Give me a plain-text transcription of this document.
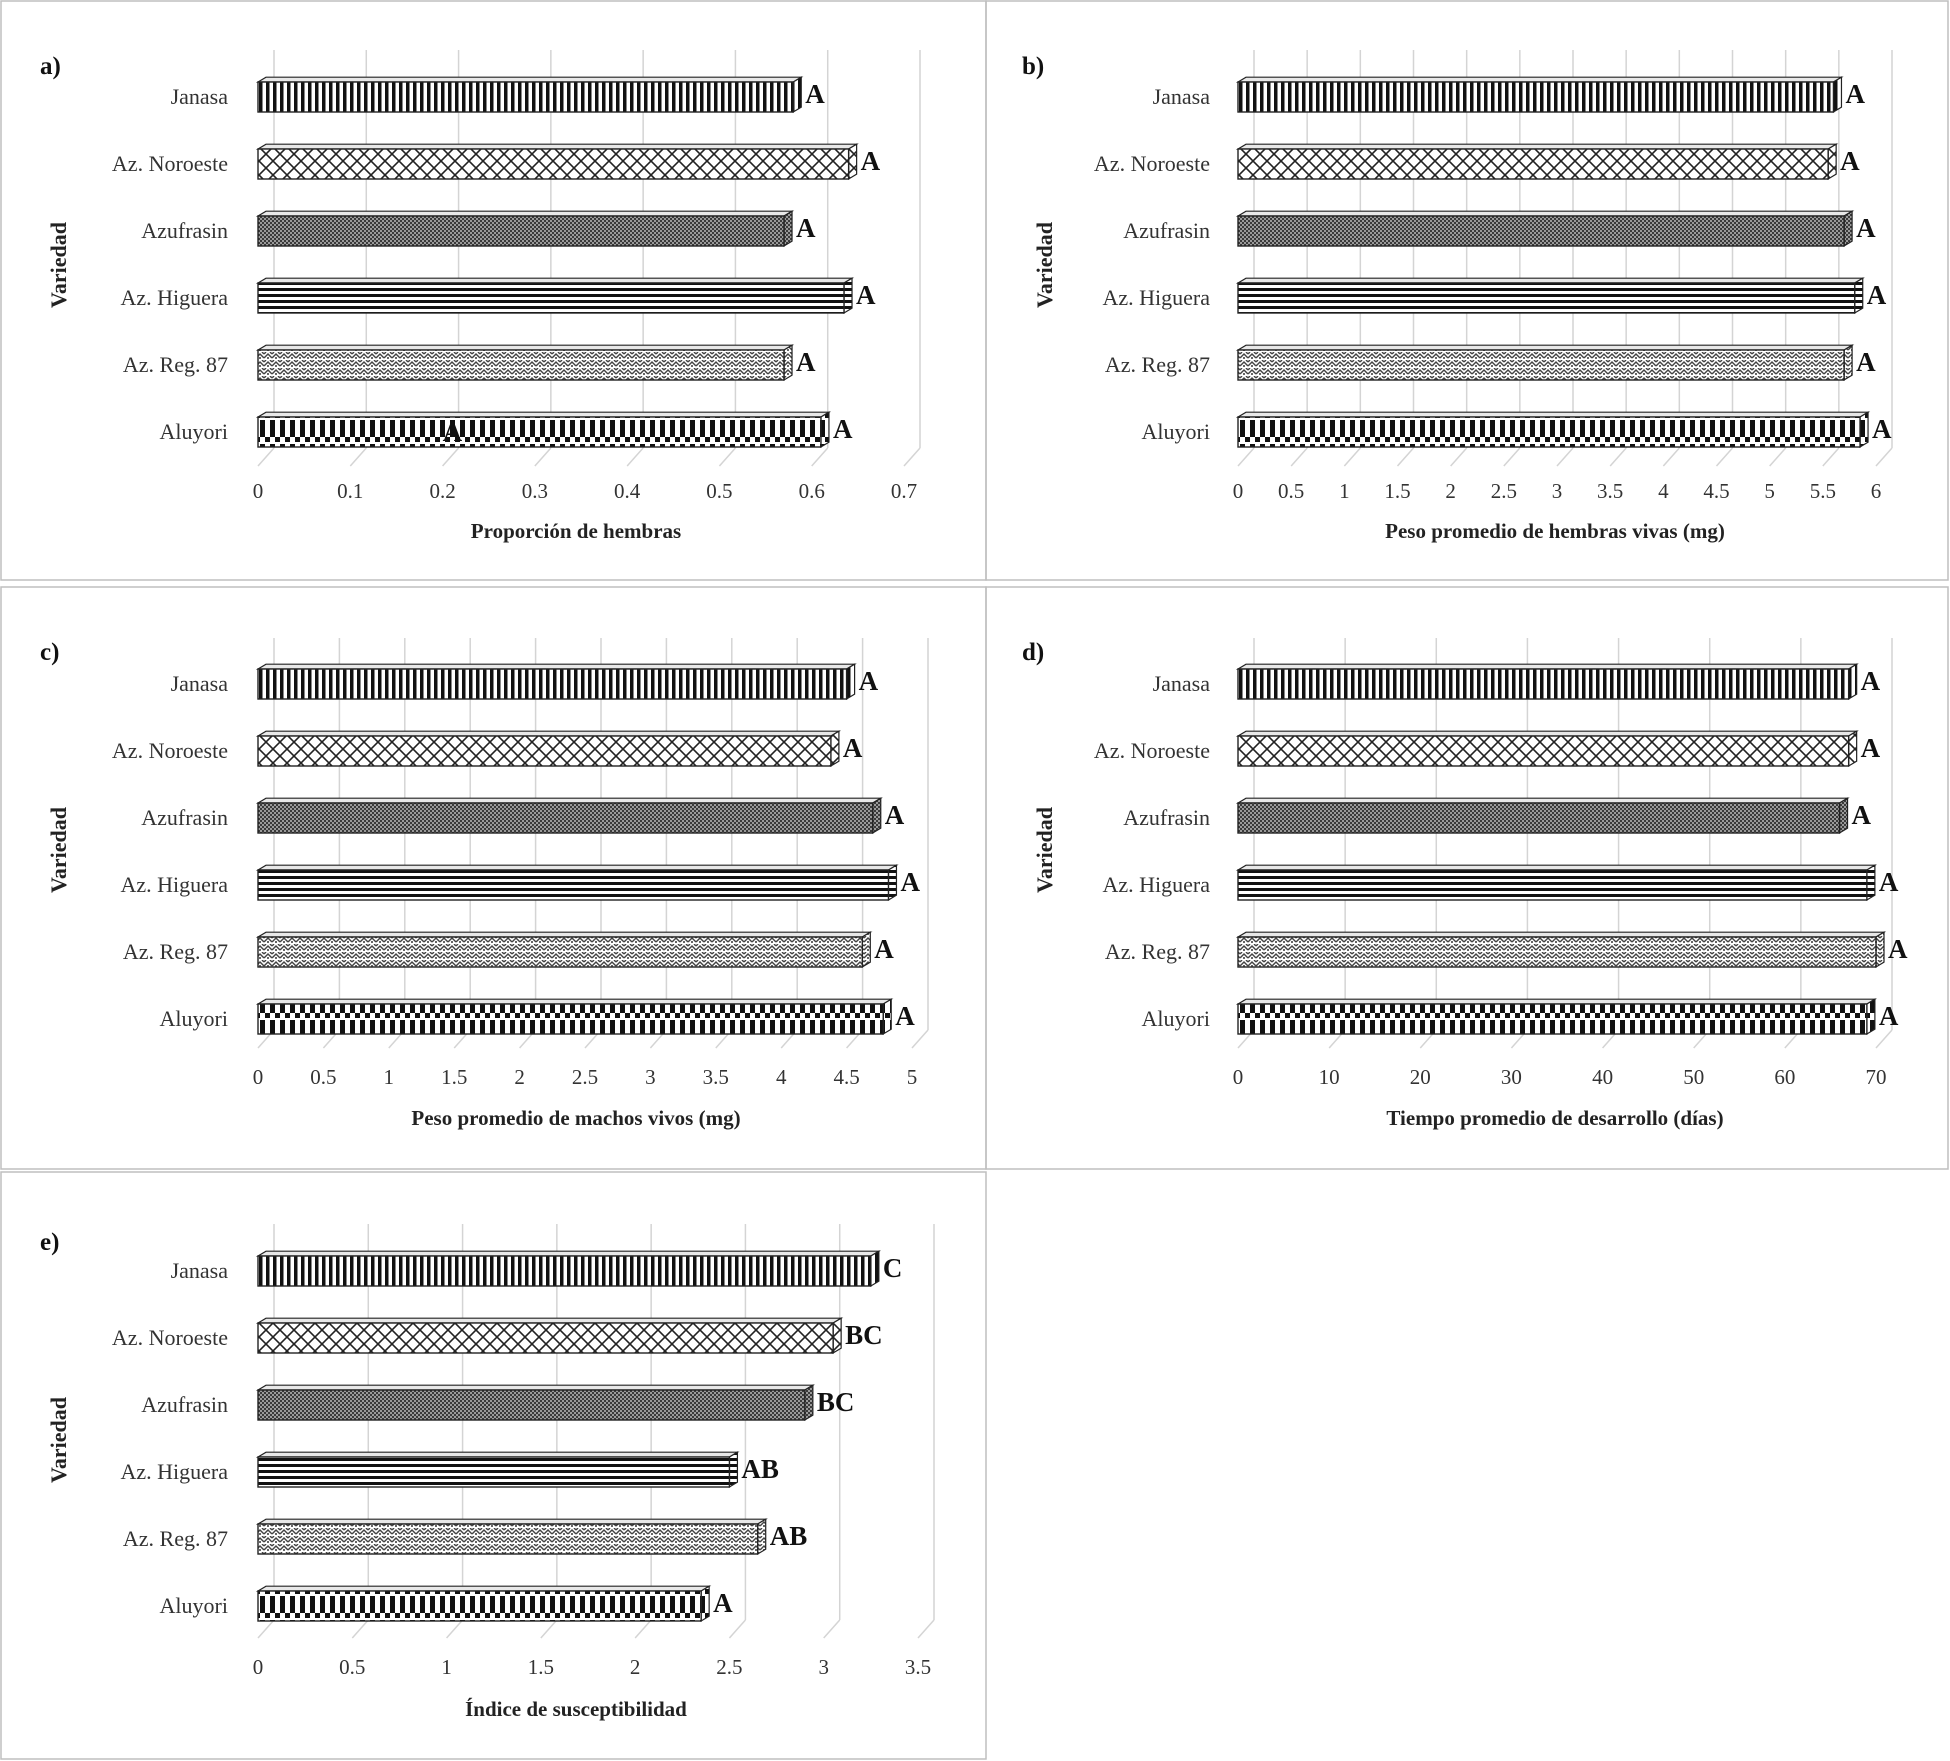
0	0.1	0.2	0.3	0.4	0.5	0.6	0.7
Janasa	A
Az. Noroeste	A
Azufrasin	A
Az. Higuera	A
Az. Reg. 87	A
Aluyori	A
A
Proporción de hembras
Variedad
a)
0 0.5 1 1.5 2 2.5 3 3.5 4 4.5 5 5.5 6
Janasa	A
Az. Noroeste	A
Azufrasin	A
Az. Higuera	A
Az. Reg. 87	A
Aluyori	A
Peso promedio de hembras vivas (mg)
Variedad
b)
0 0.5 1 1.5 2 2.5 3 3.5 4 4.5 5
Janasa	A
Az. Noroeste	A
Azufrasin	A
Az. Higuera	A
Az. Reg. 87	A
Aluyori	A
Peso promedio de machos vivos (mg)
Variedad
c)
0	10	20	30	40	50	60	70
Janasa	A
Az. Noroeste	A
Azufrasin	A
Az. Higuera	A
Az. Reg. 87	A
Aluyori	A
Tiempo promedio de desarrollo (días)
Variedad
d)
0	0.5	1	1.5	2	2.5	3	3.5
Janasa	C
Az. Noroeste	BC
Azufrasin	BC
Az. Higuera	AB
Az. Reg. 87	AB
Aluyori	A
Índice de susceptibilidad
Variedad
e)
